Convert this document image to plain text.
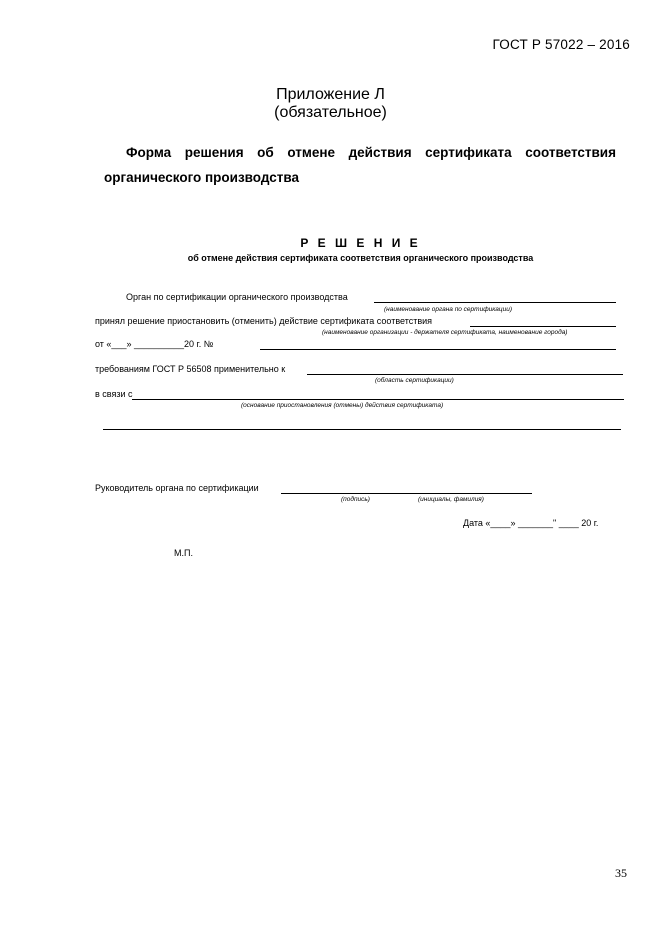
ГОСТ Р 57022 – 2016
Приложение Л
(обязательное)
Форма решения об отмене действия сертификата соответствия
органического производства
Р Е Ш Е Н И Е
об отмене действия сертификата соответствия органического производства
Орган по сертификации органического производства
(наименование органа по сертификации)
принял решение приостановить (отменить) действие сертификата соответствия
(наименование организации - держателя сертификата, наименование города)
от «___» __________20 г. №
требованиям ГОСТ Р 56508 применительно к
(область сертификации)
в связи с
(основание приостановления (отмены) действия сертификата)
Руководитель органа по сертификации
(подпись)	(инициалы, фамилия)
Дата «____» _______" ____ 20 г.
М.П.
35
